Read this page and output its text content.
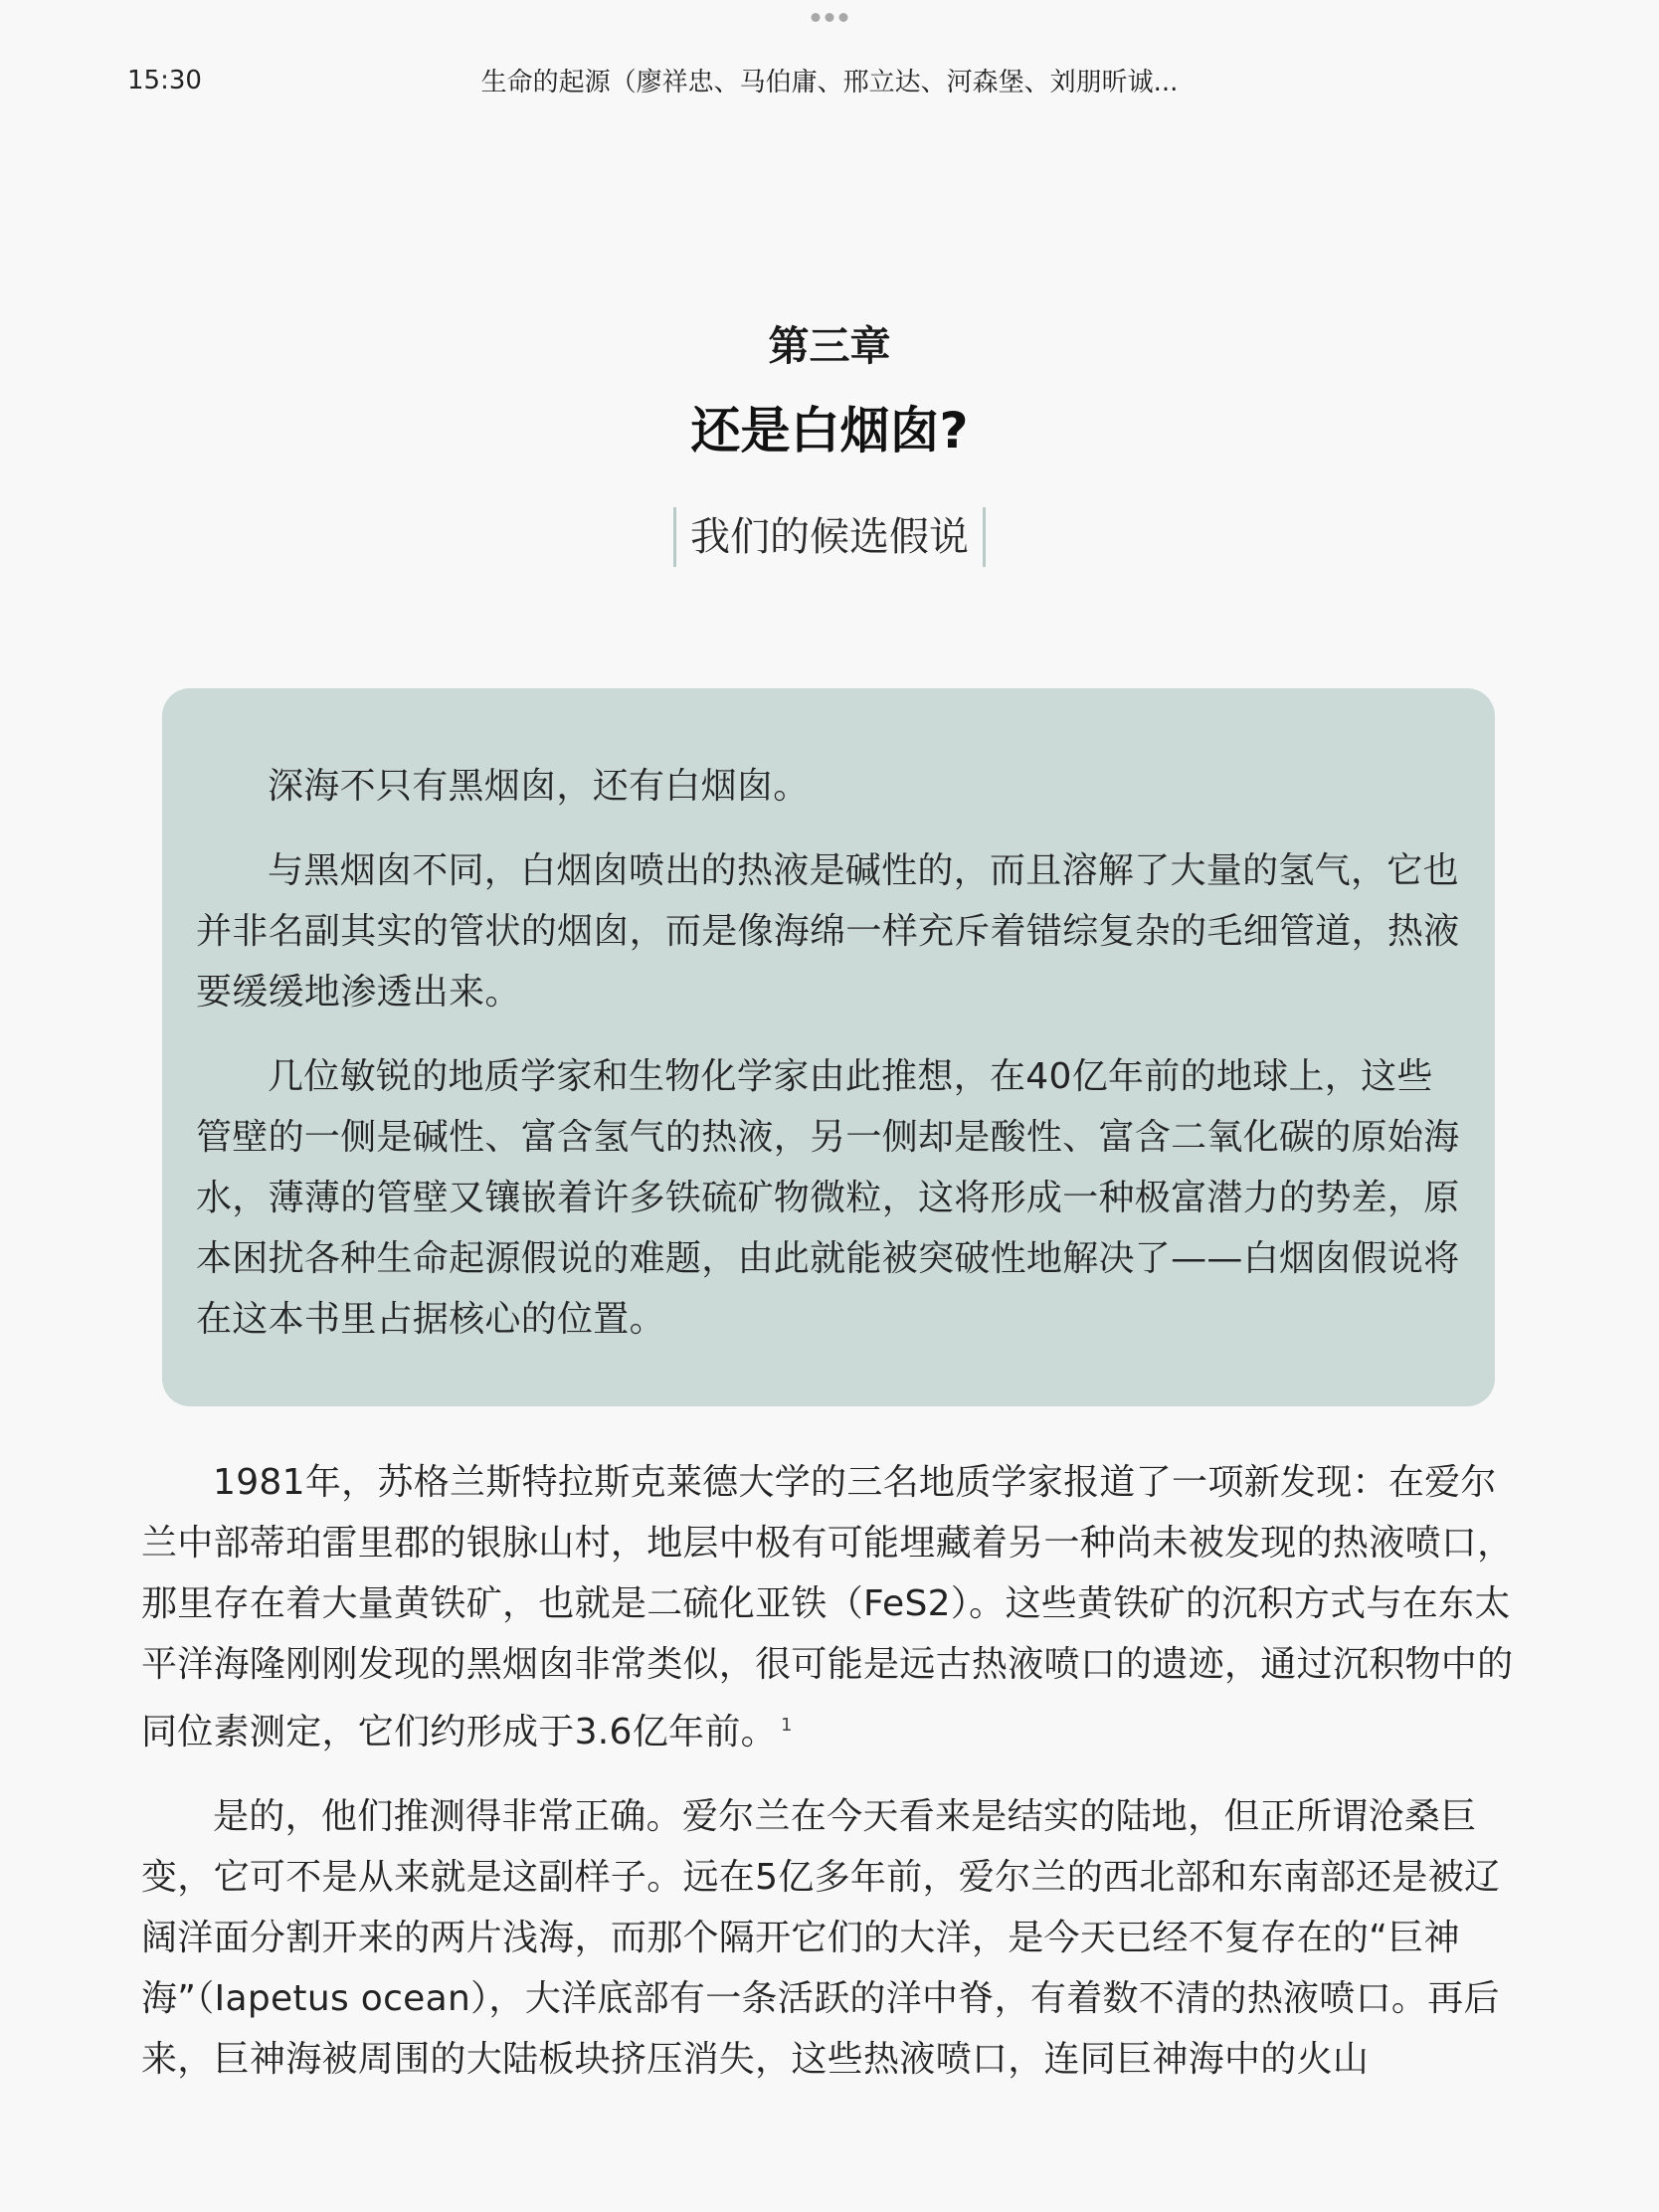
15:30	生命的起源（廖祥忠、马伯庸、邢立达、河森堡、刘朋昕诚...
第三章
还是白烟囱?
我们的候选假说

深海不只有黑烟囱，还有白烟囱。

与黑烟囱不同，白烟囱喷出的热液是碱性的，而且溶解了大量的氢气，它也并非名副其实的管状的烟囱，而是像海绵一样充斥着错综复杂的毛细管道，热液要缓缓地渗透出来。

几位敏锐的地质学家和生物化学家由此推想，在40亿年前的地球上，这些管壁的一侧是碱性、富含氢气的热液，另一侧却是酸性、富含二氧化碳的原始海水，薄薄的管壁又镶嵌着许多铁硫矿物微粒，这将形成一种极富潜力的势差，原本困扰各种生命起源假说的难题，由此就能被突破性地解决了——白烟囱假说将在这本书里占据核心的位置。

1981年，苏格兰斯特拉斯克莱德大学的三名地质学家报道了一项新发现：在爱尔兰中部蒂珀雷里郡的银脉山村，地层中极有可能埋藏着另一种尚未被发现的热液喷口，那里存在着大量黄铁矿，也就是二硫化亚铁（FeS2）。这些黄铁矿的沉积方式与在东太平洋海隆刚刚发现的黑烟囱非常类似，很可能是远古热液喷口的遗迹，通过沉积物中的同位素测定，它们约形成于3.6亿年前。 $^1$

是的，他们推测得非常正确。爱尔兰在今天看来是结实的陆地，但正所谓沧桑巨变，它可不是从来就是这副样子。远在5亿多年前，爱尔兰的西北部和东南部还是被辽阔洋面分割开来的两片浅海，而那个隔开它们的大洋，是今天已经不复存在的“巨神海”（Iapetus ocean），大洋底部有一条活跃的洋中脊，有着数不清的热液喷口。再后来，巨神海被周围的大陆板块挤压消失，这些热液喷口，连同巨神海中的火山
